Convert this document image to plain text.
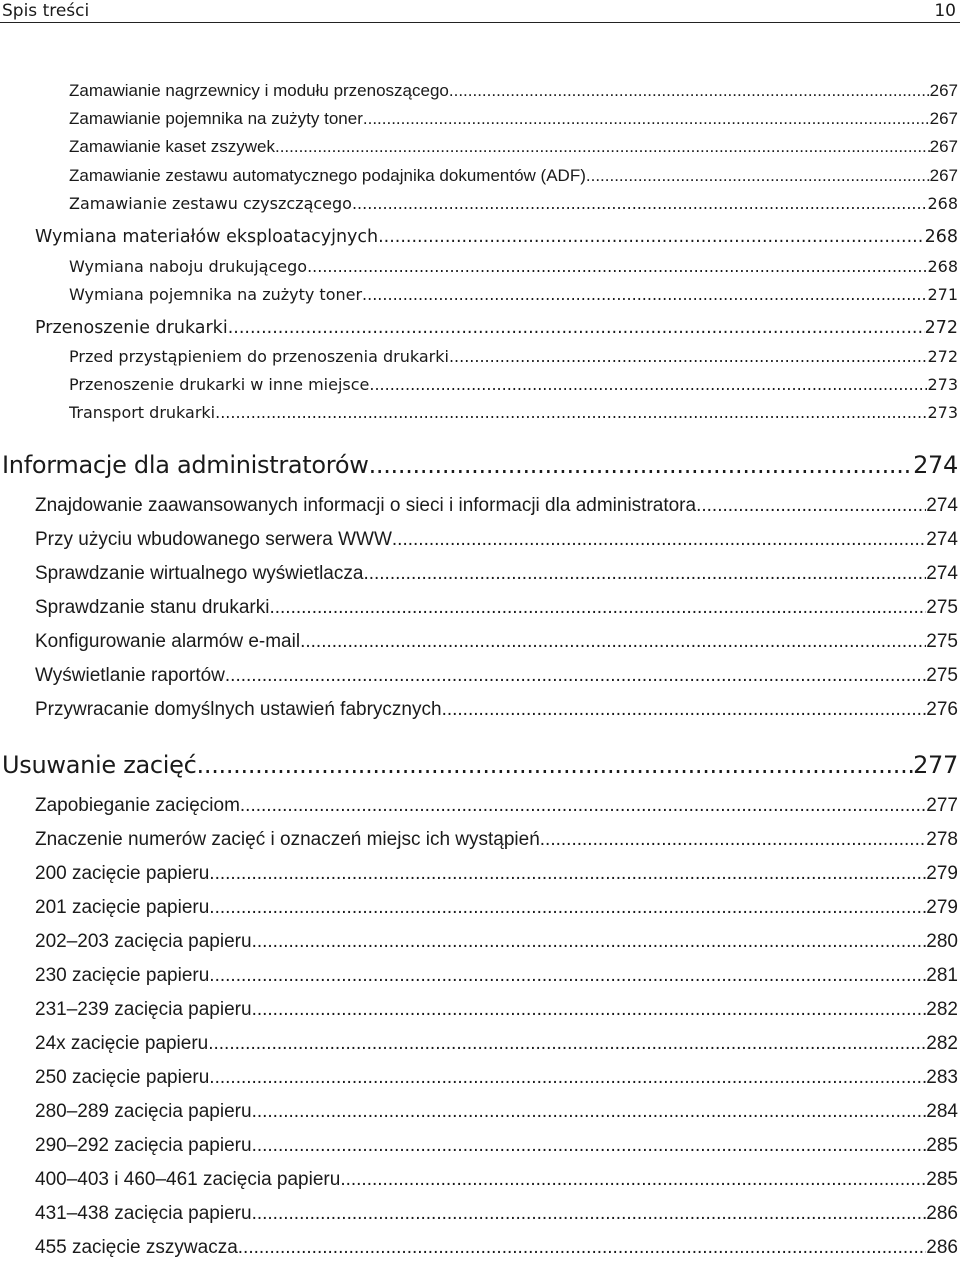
Spis treści	10
Zamawianie nagrzewnicy i modułu przenoszącego .....	267
Zamawianie pojemnika na zużyty toner .....	267
Zamawianie kaset zszywek .....	267
Zamawianie zestawu automatycznego podajnika dokumentów (ADF) .....	267
Zamawianie zestawu czyszczącego .....	268
Wymiana materiałów eksploatacyjnych .....	268
Wymiana naboju drukującego .....	268
Wymiana pojemnika na zużyty toner .....	271
Przenoszenie drukarki .....	272
Przed przystąpieniem do przenoszenia drukarki .....	272
Przenoszenie drukarki w inne miejsce .....	273
Transport drukarki .....	273
Informacje dla administratorów .....	274
Znajdowanie zaawansowanych informacji o sieci i informacji dla administratora .....	274
Przy użyciu wbudowanego serwera WWW .....	274
Sprawdzanie wirtualnego wyświetlacza .....	274
Sprawdzanie stanu drukarki .....	275
Konfigurowanie alarmów e-mail .....	275
Wyświetlanie raportów .....	275
Przywracanie domyślnych ustawień fabrycznych .....	276
Usuwanie zacięć .....	277
Zapobieganie zacięciom .....	277
Znaczenie numerów zacięć i oznaczeń miejsc ich wystąpień .....	278
200 zacięcie papieru .....	279
201 zacięcie papieru .....	279
202–203 zacięcia papieru .....	280
230 zacięcie papieru .....	281
231–239 zacięcia papieru .....	282
24x zacięcie papieru .....	282
250 zacięcie papieru .....	283
280–289 zacięcia papieru .....	284
290–292 zacięcia papieru .....	285
400–403 i 460–461 zacięcia papieru .....	285
431–438 zacięcia papieru .....	286
455 zacięcie zszywacza .....	286
